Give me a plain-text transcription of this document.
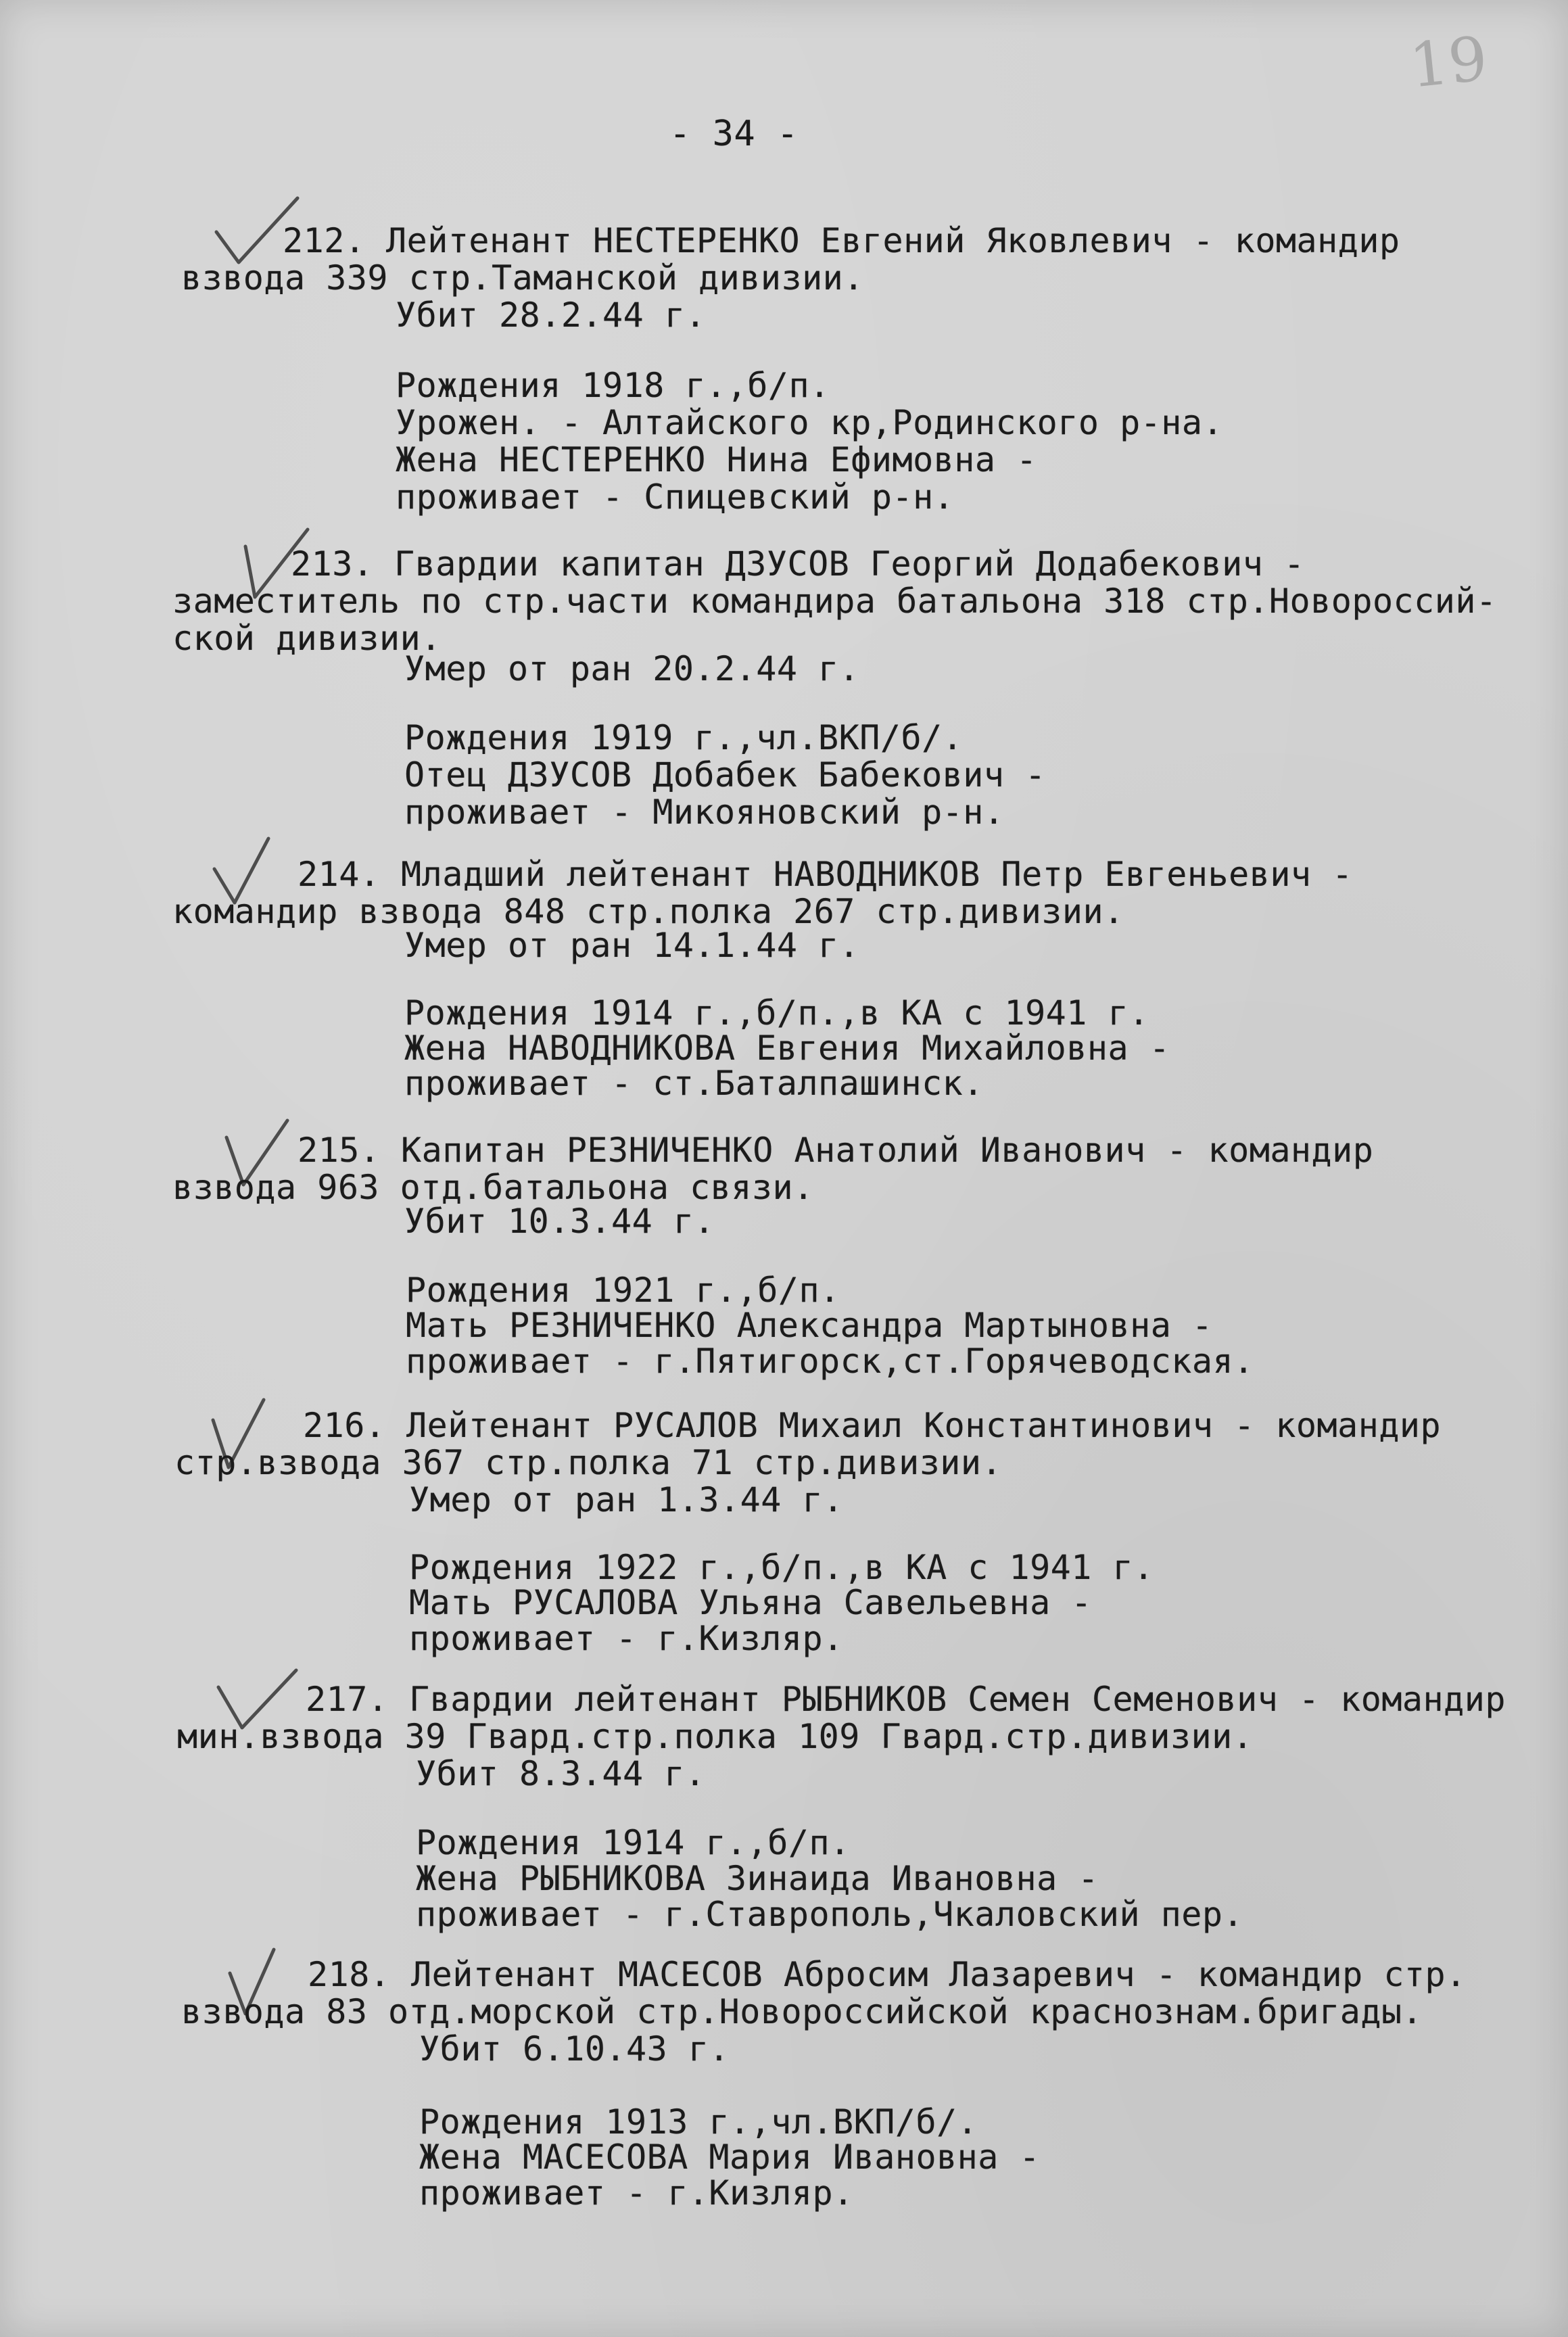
19
- 34 -
212. Лейтенант НЕСТЕРЕНКО Евгений Яковлевич - командир
взвода 339 стр.Таманской дивизии.
Убит 28.2.44 г.
Рождения 1918 г.,б/п.
Урожен. - Алтайского кр,Родинского р-на.
Жена НЕСТЕРЕНКО Нина Ефимовна -
проживает - Спицевский р-н.
213. Гвардии капитан ДЗУСОВ Георгий Додабекович -
заместитель по стр.части командира батальона 318 стр.Новороссий-
ской дивизии.
Умер от ран 20.2.44 г.
Рождения 1919 г.,чл.ВКП/б/.
Отец ДЗУСОВ Добабек Бабекович -
проживает - Микояновский р-н.
214. Младший лейтенант НАВОДНИКОВ Петр Евгеньевич -
командир взвода 848 стр.полка 267 стр.дивизии.
Умер от ран 14.1.44 г.
Рождения 1914 г.,б/п.,в КА с 1941 г.
Жена НАВОДНИКОВА Евгения Михайловна -
проживает - ст.Баталпашинск.
215. Капитан РЕЗНИЧЕНКО Анатолий Иванович - командир
взвода 963 отд.батальона связи.
Убит 10.3.44 г.
Рождения 1921 г.,б/п.
Мать РЕЗНИЧЕНКО Александра Мартыновна -
проживает - г.Пятигорск,ст.Горячеводская.
216. Лейтенант РУСАЛОВ Михаил Константинович - командир
стр.взвода 367 стр.полка 71 стр.дивизии.
Умер от ран 1.3.44 г.
Рождения 1922 г.,б/п.,в КА с 1941 г.
Мать РУСАЛОВА Ульяна Савельевна -
проживает - г.Кизляр.
217. Гвардии лейтенант РЫБНИКОВ Семен Семенович - командир
мин.взвода 39 Гвард.стр.полка 109 Гвард.стр.дивизии.
Убит 8.3.44 г.
Рождения 1914 г.,б/п.
Жена РЫБНИКОВА Зинаида Ивановна -
проживает - г.Ставрополь,Чкаловский пер.
218. Лейтенант МАСЕСОВ Абросим Лазаревич - командир стр.
взвода 83 отд.морской стр.Новороссийской краснознам.бригады.
Убит 6.10.43 г.
Рождения 1913 г.,чл.ВКП/б/.
Жена МАСЕСОВА Мария Ивановна -
проживает - г.Кизляр.
